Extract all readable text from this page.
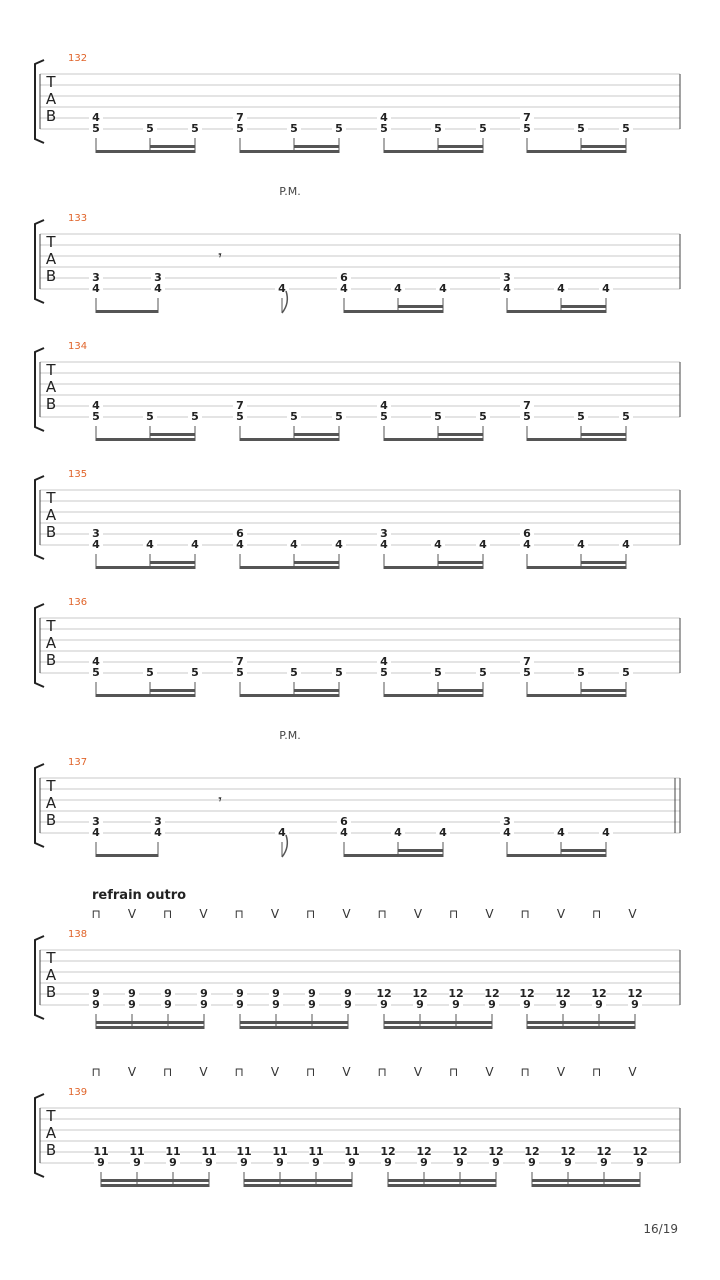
132
T
A
B	4
5	5	5
7
5	5	5
4
5	5	5
7
5	5	5
P.M.
133
T
A
B	3
4
3
4
𝄾
4
6
4	4	4
3
4	4	4
134
T
A
B	4
5	5	5
7
5	5	5
4
5	5	5
7
5	5	5
135
T
A
B	3
4	4	4
6
4	4	4
3
4	4	4
6
4	4	4
136
T
A
B	4
5	5	5
7
5	5	5
4
5	5	5
7
5	5	5
P.M.
137
T
A
B	3
4
3
4
𝄾
4
6
4	4	4
3
4	4	4
refrain outro
⊓ V ⊓ V ⊓ V ⊓ V ⊓ V ⊓ V ⊓ V ⊓ V
138
T
A
B	9
9
9
9
9
9
9
9
9
9
9
9
9
9
9
9
12
9
12
9
12
9
12
9
12
9
12
9
12
9
12
9
⊓ V ⊓ V ⊓ V ⊓ V ⊓ V ⊓ V ⊓ V ⊓ V
139
T
A
B	11
9
11
9
11
9
11
9
11
9
11
9
11
9
11
9
12
9
12
9
12
9
12
9
12
9
12
9
12
9
12
9
16/19
